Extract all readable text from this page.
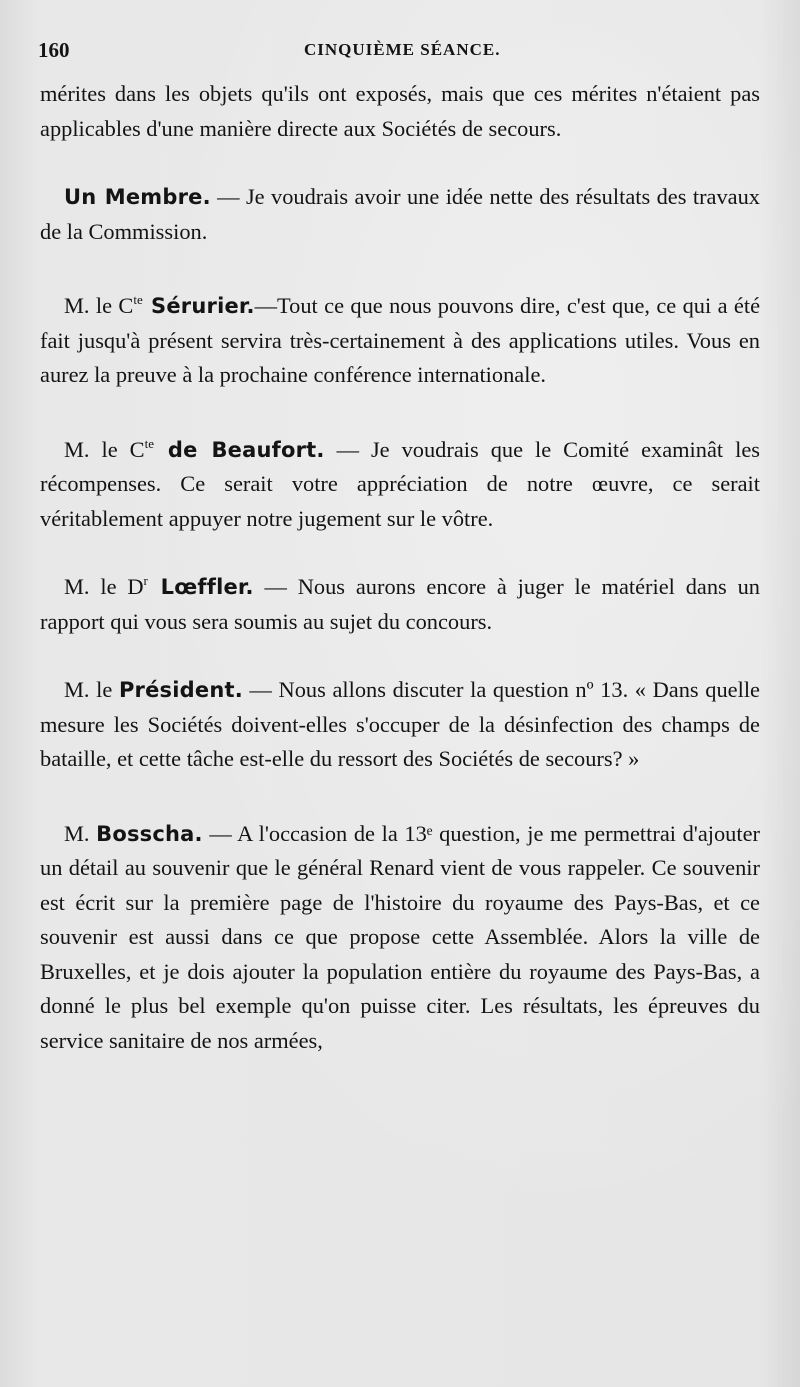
160	CINQUIÈME SÉANCE.

mérites dans les objets qu'ils ont exposés, mais que ces mérites n'étaient pas applicables d'une manière directe aux Sociétés de secours.

Un Membre. — Je voudrais avoir une idée nette des résultats des travaux de la Commission.

M. le $C^{te}$ Sérurier.—Tout ce que nous pouvons dire, c'est que, ce qui a été fait jusqu'à présent servira très-certainement à des applications utiles. Vous en aurez la preuve à la prochaine conférence internationale.

M. le $C^{te}$ de Beaufort. — Je voudrais que le Comité examinât les récompenses. Ce serait votre appréciation de notre œuvre, ce serait véritablement appuyer notre jugement sur le vôtre.

M. le $D^r$ Lœffler. — Nous aurons encore à juger le matériel dans un rapport qui vous sera soumis au sujet du concours.

M. le Président. — Nous allons discuter la question nº 13. « Dans quelle mesure les Sociétés doivent-elles s'occuper de la désinfection des champs de bataille, et cette tâche est-elle du ressort des Sociétés de secours? »

M. Bosscha. — A l'occasion de la 13ᵉ question, je me permettrai d'ajouter un détail au souvenir que le général Renard vient de vous rappeler. Ce souvenir est écrit sur la première page de l'histoire du royaume des Pays-Bas, et ce souvenir est aussi dans ce que propose cette Assemblée. Alors la ville de Bruxelles, et je dois ajouter la population entière du royaume des Pays-Bas, a donné le plus bel exemple qu'on puisse citer. Les résultats, les épreuves du service sanitaire de nos armées,
